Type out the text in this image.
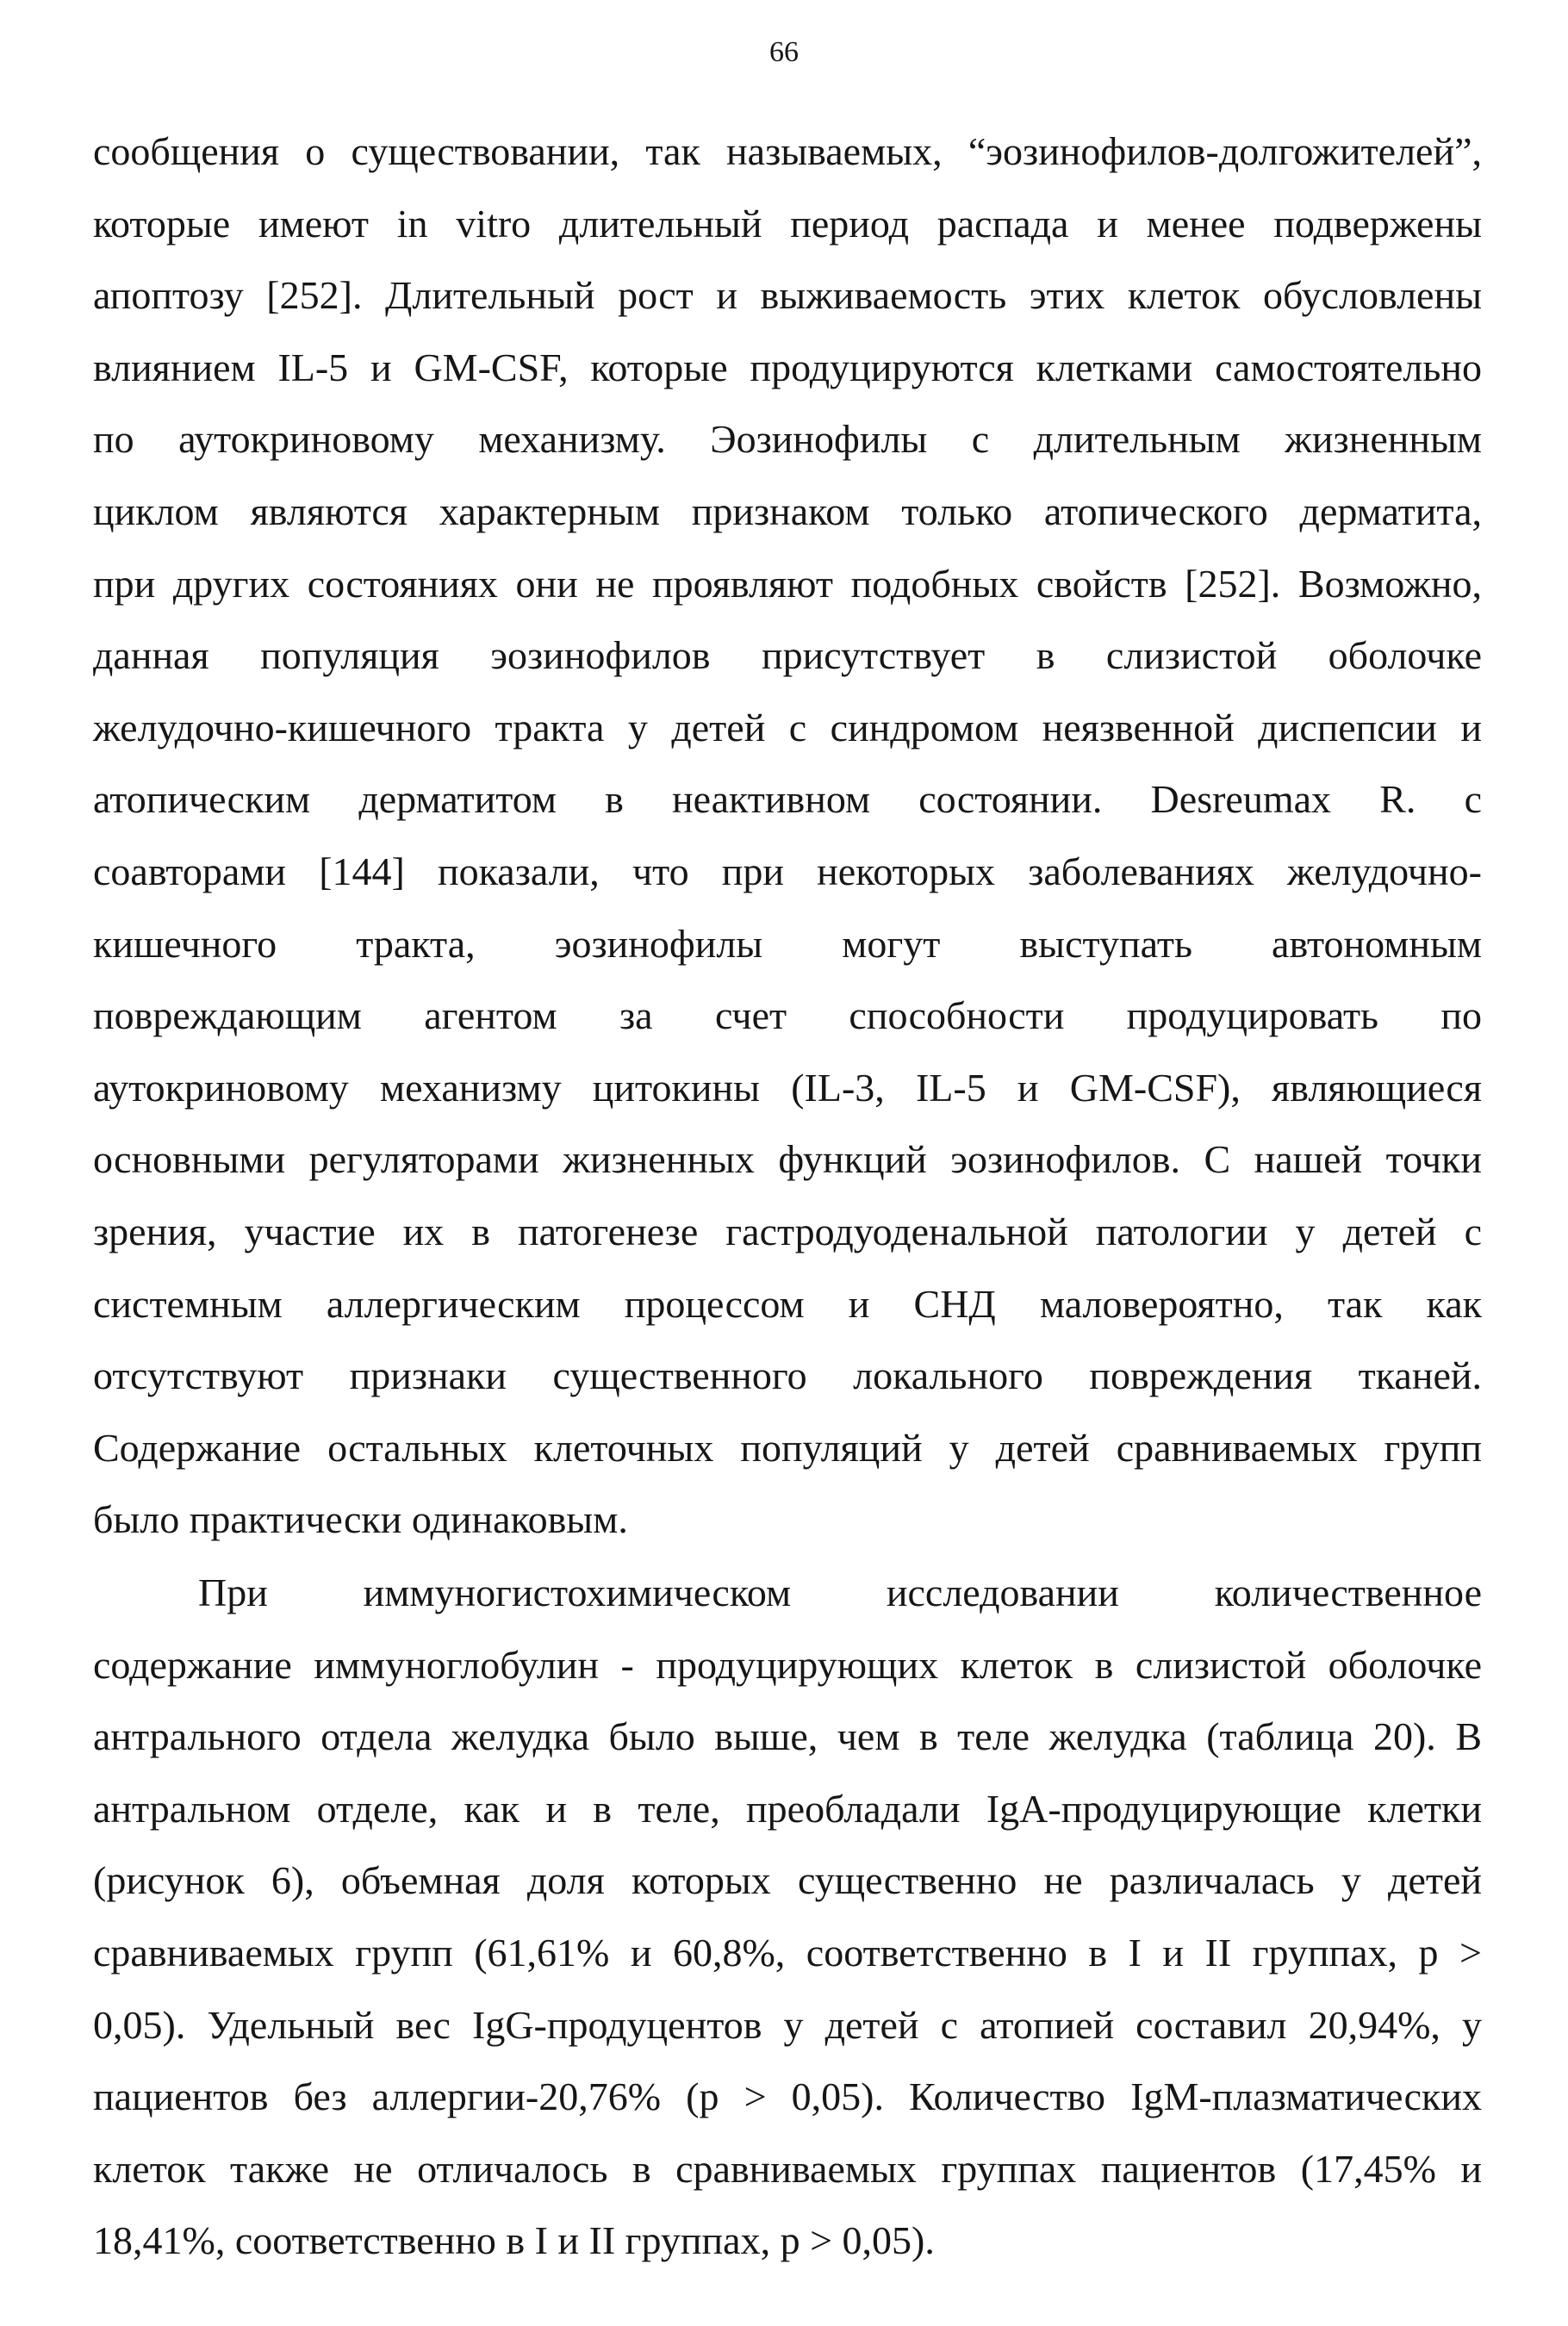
66
сообщения о существовании, так называемых, “эозинофилов-долгожителей”,
которые имеют in vitro длительный период распада и менее подвержены
апоптозу [252]. Длительный рост и выживаемость этих клеток обусловлены
влиянием IL-5 и GM-CSF, которые продуцируются клетками самостоятельно
по аутокриновому механизму. Эозинофилы с длительным жизненным
циклом являются характерным признаком только атопического дерматита,
при других состояниях они не проявляют подобных свойств [252]. Возможно,
данная популяция эозинофилов присутствует в слизистой оболочке
желудочно-кишечного тракта у детей с синдромом неязвенной диспепсии и
атопическим дерматитом в неактивном состоянии. Desreumax R. с
соавторами [144] показали, что при некоторых заболеваниях желудочно-
кишечного тракта, эозинофилы могут выступать автономным
повреждающим агентом за счет способности продуцировать по
аутокриновому механизму цитокины (IL-3, IL-5 и GM-CSF), являющиеся
основными регуляторами жизненных функций эозинофилов. С нашей точки
зрения, участие их в патогенезе гастродуоденальной патологии у детей с
системным аллергическим процессом и СНД маловероятно, так как
отсутствуют признаки существенного локального повреждения тканей.
Содержание остальных клеточных популяций у детей сравниваемых групп
было практически одинаковым.
При иммуногистохимическом исследовании количественное
содержание иммуноглобулин - продуцирующих клеток в слизистой оболочке
антрального отдела желудка было выше, чем в теле желудка (таблица 20). В
антральном отделе, как и в теле, преобладали IgA-продуцирующие клетки
(рисунок 6), объемная доля которых существенно не различалась у детей
сравниваемых групп (61,61% и 60,8%, соответственно в I и II группах, р >
0,05). Удельный вес IgG-продуцентов у детей с атопией составил 20,94%, у
пациентов без аллергии-20,76% (р > 0,05). Количество IgM-плазматических
клеток также не отличалось в сравниваемых группах пациентов (17,45% и
18,41%, соответственно в I и II группах, р > 0,05).
